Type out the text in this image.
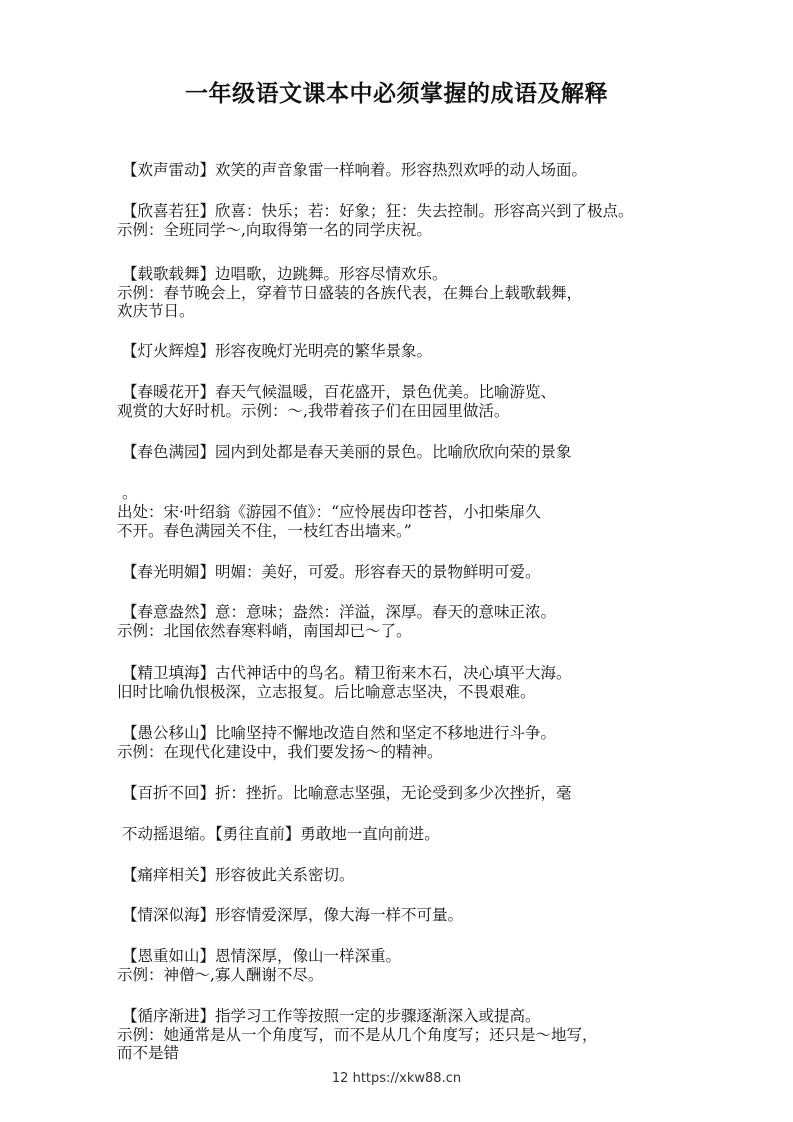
一年级语文课本中必须掌握的成语及解释
【欢声雷动】欢笑的声音象雷一样响着。形容热烈欢呼的动人场面。
【欣喜若狂】欣喜：快乐；若：好象；狂：失去控制。形容高兴到了极点。
示例：全班同学～,向取得第一名的同学庆祝。
【载歌载舞】边唱歌，边跳舞。形容尽情欢乐。
示例：春节晚会上，穿着节日盛装的各族代表，在舞台上载歌载舞，
欢庆节日。
【灯火辉煌】形容夜晚灯光明亮的繁华景象。
【春暖花开】春天气候温暖，百花盛开，景色优美。比喻游览、
观赏的大好时机。示例：～,我带着孩子们在田园里做活。
【春色满园】园内到处都是春天美丽的景色。比喻欣欣向荣的景象
。
出处：宋·叶绍翁《游园不值》：“应怜展齿印苍苔，小扣柴扉久
不开。春色满园关不住，一枝红杏出墙来。”
【春光明媚】明媚：美好，可爱。形容春天的景物鲜明可爱。
【春意盎然】意：意味；盎然：洋溢，深厚。春天的意味正浓。
示例：北国依然春寒料峭，南国却已～了。
【精卫填海】古代神话中的鸟名。精卫衔来木石，决心填平大海。
旧时比喻仇恨极深，立志报复。后比喻意志坚决，不畏艰难。
【愚公移山】比喻坚持不懈地改造自然和坚定不移地进行斗争。
示例：在现代化建设中，我们要发扬～的精神。
【百折不回】折：挫折。比喻意志坚强，无论受到多少次挫折，毫
不动摇退缩。【勇往直前】勇敢地一直向前进。
【痛痒相关】形容彼此关系密切。
【情深似海】形容情爱深厚，像大海一样不可量。
【恩重如山】恩情深厚，像山一样深重。
示例：神僧～,寡人酬谢不尽。
【循序渐进】指学习工作等按照一定的步骤逐渐深入或提高。
示例：她通常是从一个角度写，而不是从几个角度写；还只是～地写，
而不是错
12 https://xkw88.cn
